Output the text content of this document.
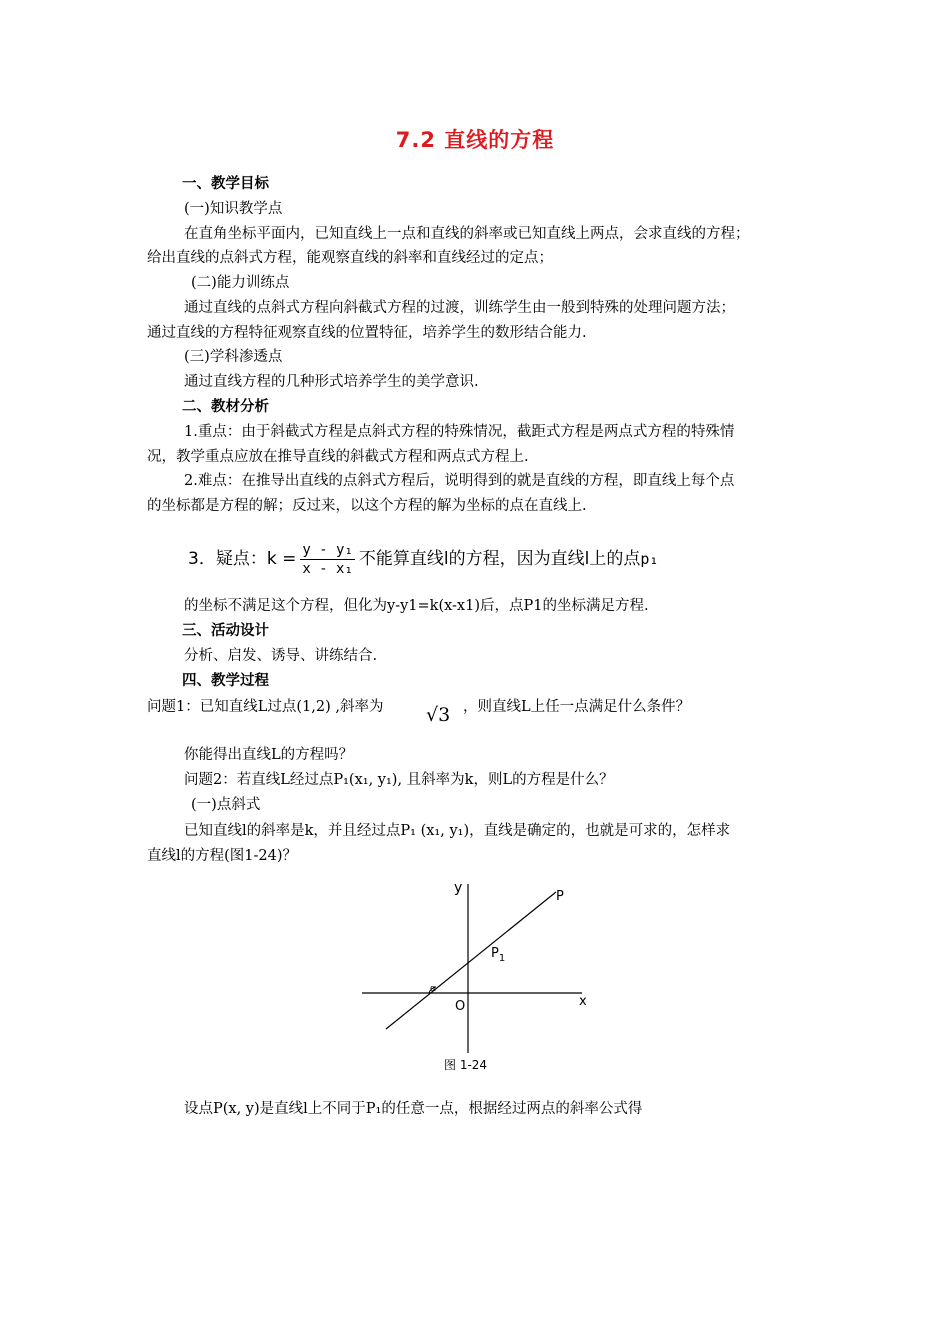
7.2 直线的方程
一、教学目标
(一)知识教学点
在直角坐标平面内，已知直线上一点和直线的斜率或已知直线上两点，会求直线的方程；
给出直线的点斜式方程，能观察直线的斜率和直线经过的定点；
(二)能力训练点
通过直线的点斜式方程向斜截式方程的过渡，训练学生由一般到特殊的处理问题方法；
通过直线的方程特征观察直线的位置特征，培养学生的数形结合能力.
(三)学科渗透点
通过直线方程的几种形式培养学生的美学意识.
二、教材分析
1.重点：由于斜截式方程是点斜式方程的特殊情况，截距式方程是两点式方程的特殊情
况，教学重点应放在推导直线的斜截式方程和两点式方程上.
2.难点：在推导出直线的点斜式方程后，说明得到的就是直线的方程，即直线上每个点
的坐标都是方程的解；反过来，以这个方程的解为坐标的点在直线上.
3．疑点：$k = \frac{\text{y - y₁}}{\text{x - x₁}}$ 不能算直线l的方程，因为直线l上的点p₁
的坐标不满足这个方程，但化为y-y1=k(x-x1)后，点P1的坐标满足方程.
三、活动设计
分析、启发、诱导、讲练结合.
四、教学过程
问题1：已知直线L过点(1,2) ,斜率为 √3 ，则直线L上任一点满足什么条件？
你能得出直线L的方程吗？
问题2：若直线L经过点P₁(x₁, y₁), 且斜率为k，则L的方程是什么？
(一)点斜式
已知直线l的斜率是k，并且经过点P₁ (x₁, y₁)，直线是确定的，也就是可求的，怎样求
直线l的方程(图1-24)？
y
x
P
$P_1$
O
α
图 1-24
设点P(x, y)是直线l上不同于P₁的任意一点，根据经过两点的斜率公式得
